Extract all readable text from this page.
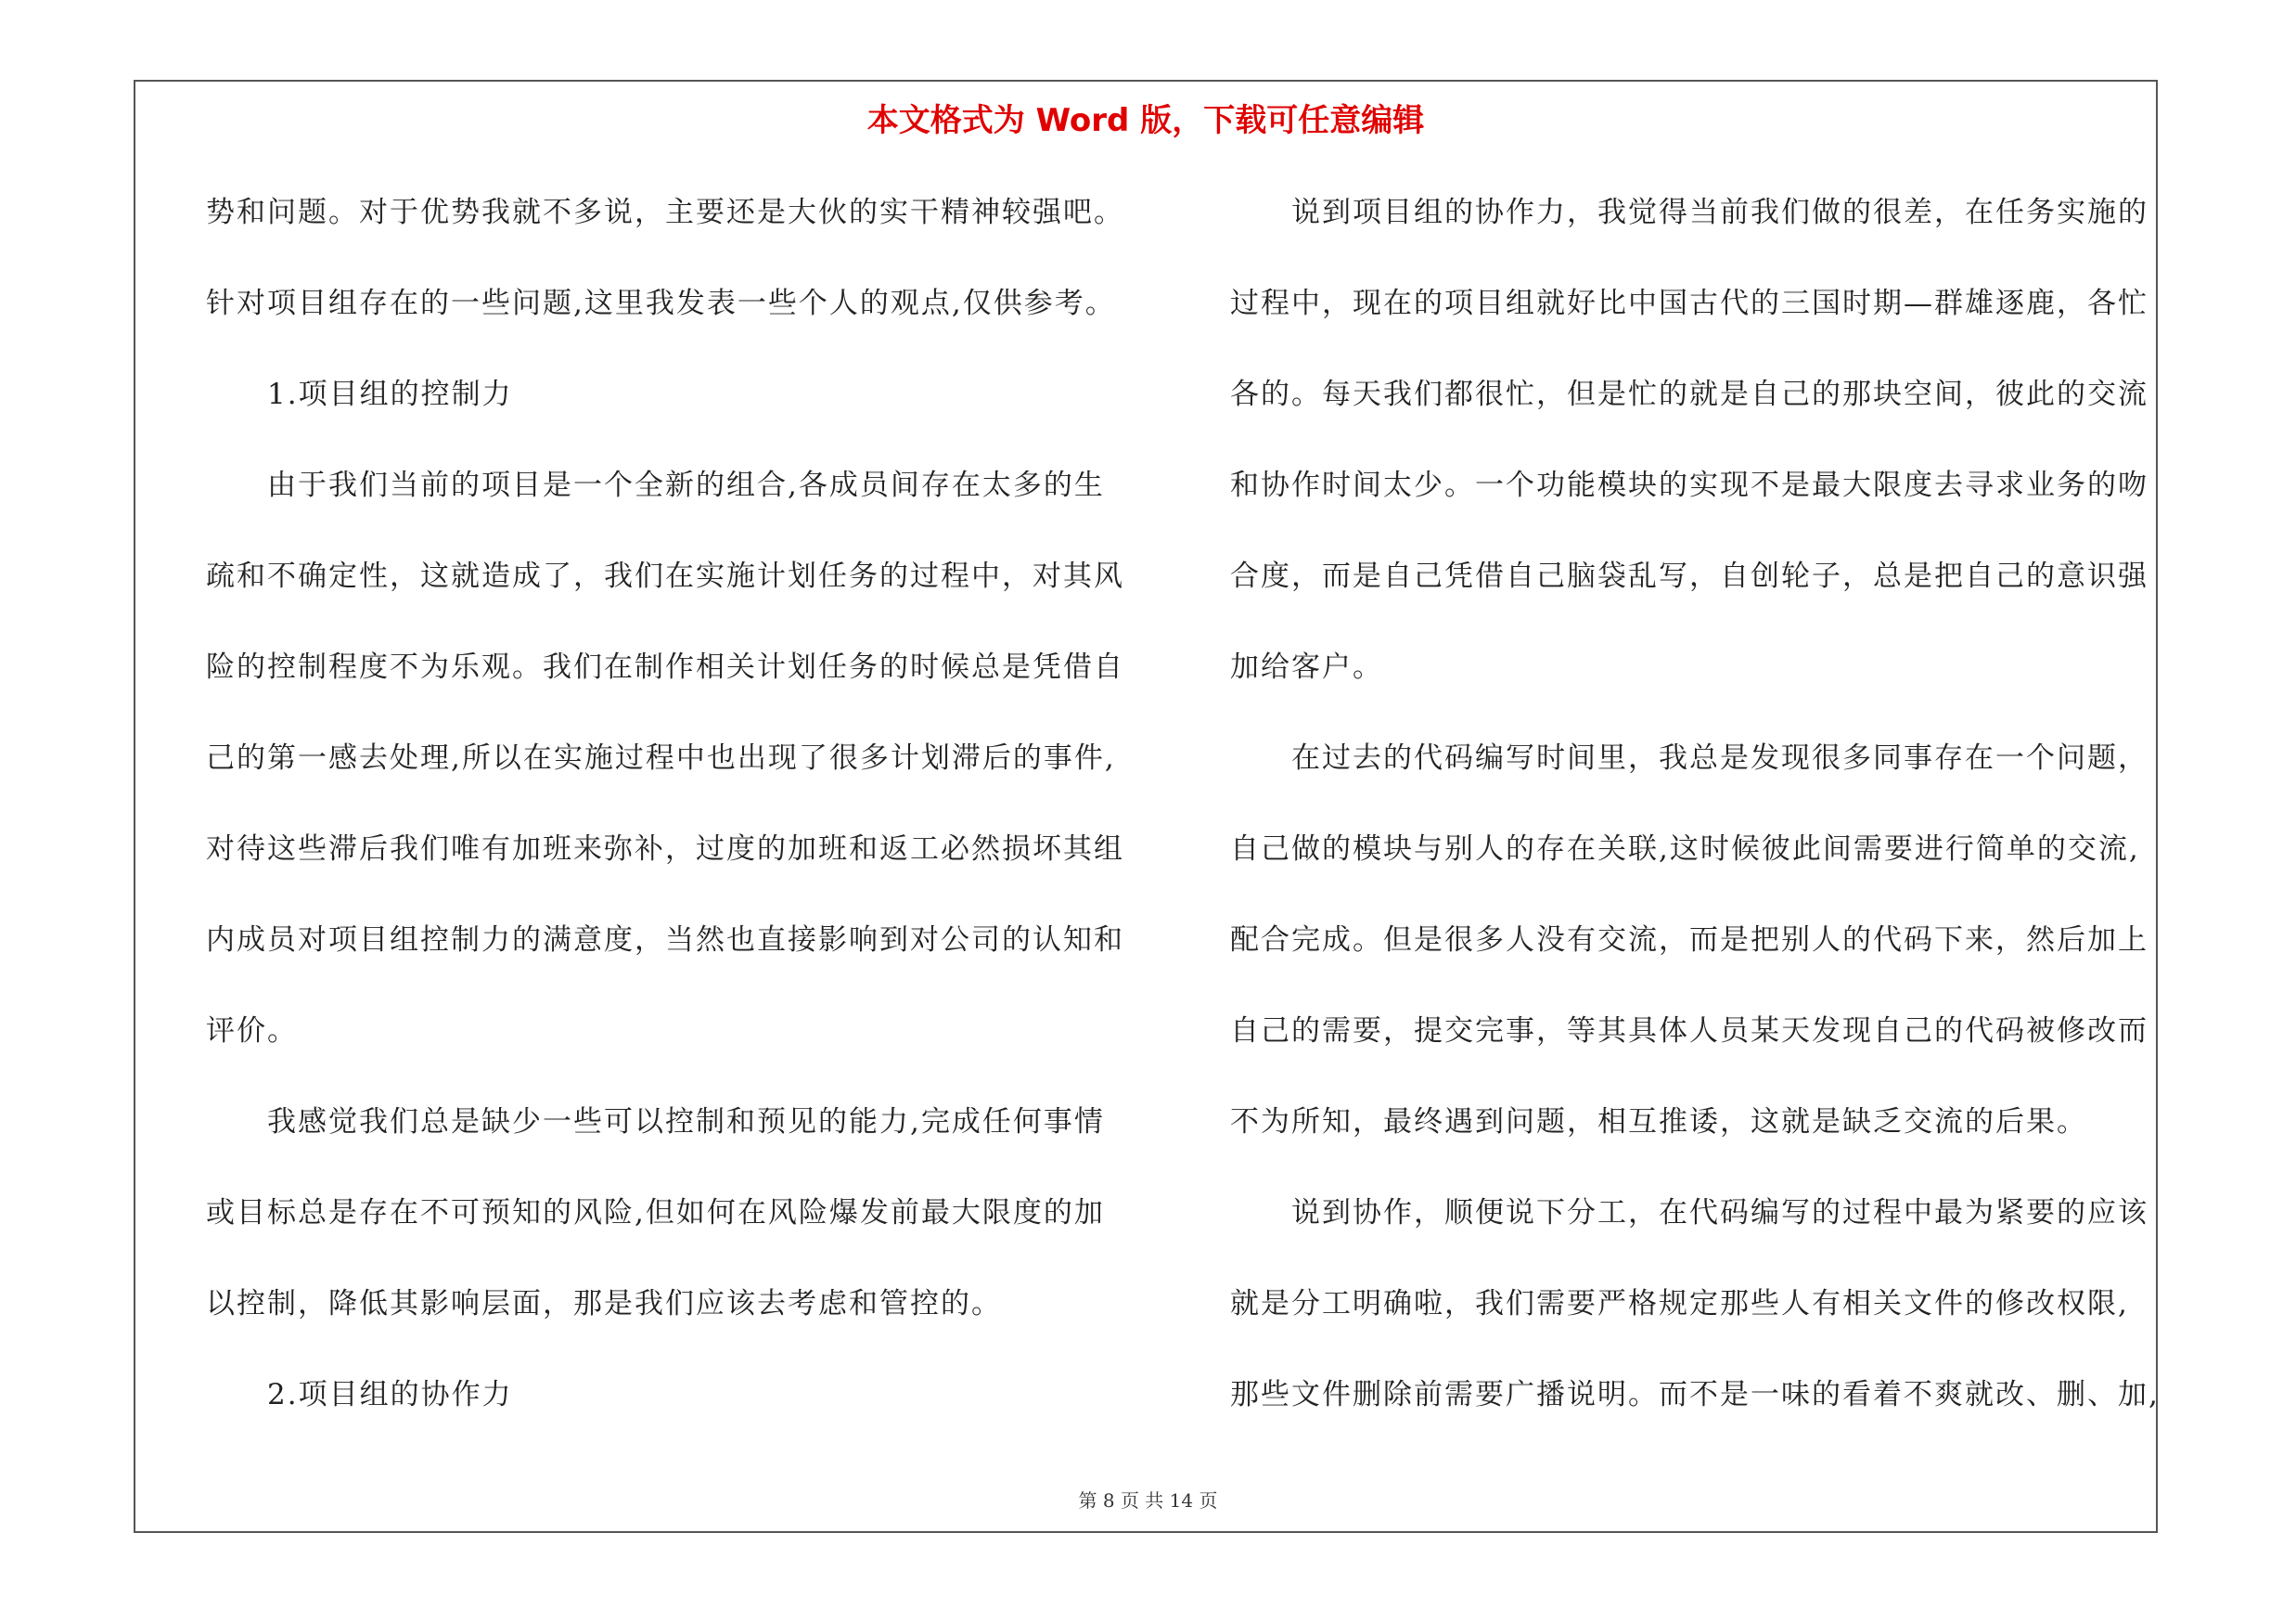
本文格式为 Word 版，下载可任意编辑
势和问题。对于优势我就不多说，主要还是大伙的实干精神较强吧。
针对项目组存在的一些问题,这里我发表一些个人的观点,仅供参考。
1.项目组的控制力
由于我们当前的项目是一个全新的组合,各成员间存在太多的生
疏和不确定性，这就造成了，我们在实施计划任务的过程中，对其风
险的控制程度不为乐观。我们在制作相关计划任务的时候总是凭借自
己的第一感去处理,所以在实施过程中也出现了很多计划滞后的事件,
对待这些滞后我们唯有加班来弥补，过度的加班和返工必然损坏其组
内成员对项目组控制力的满意度，当然也直接影响到对公司的认知和
评价。
我感觉我们总是缺少一些可以控制和预见的能力,完成任何事情
或目标总是存在不可预知的风险,但如何在风险爆发前最大限度的加
以控制，降低其影响层面，那是我们应该去考虑和管控的。
2.项目组的协作力
说到项目组的协作力，我觉得当前我们做的很差，在任务实施的
过程中，现在的项目组就好比中国古代的三国时期—群雄逐鹿，各忙
各的。每天我们都很忙，但是忙的就是自己的那块空间，彼此的交流
和协作时间太少。一个功能模块的实现不是最大限度去寻求业务的吻
合度，而是自己凭借自己脑袋乱写，自创轮子，总是把自己的意识强
加给客户。
在过去的代码编写时间里，我总是发现很多同事存在一个问题，
自己做的模块与别人的存在关联,这时候彼此间需要进行简单的交流,
配合完成。但是很多人没有交流，而是把别人的代码下来，然后加上
自己的需要，提交完事，等其具体人员某天发现自己的代码被修改而
不为所知，最终遇到问题，相互推诿，这就是缺乏交流的后果。
说到协作，顺便说下分工，在代码编写的过程中最为紧要的应该
就是分工明确啦，我们需要严格规定那些人有相关文件的修改权限,
那些文件删除前需要广播说明。而不是一味的看着不爽就改、删、加,
第 8 页 共 14 页
